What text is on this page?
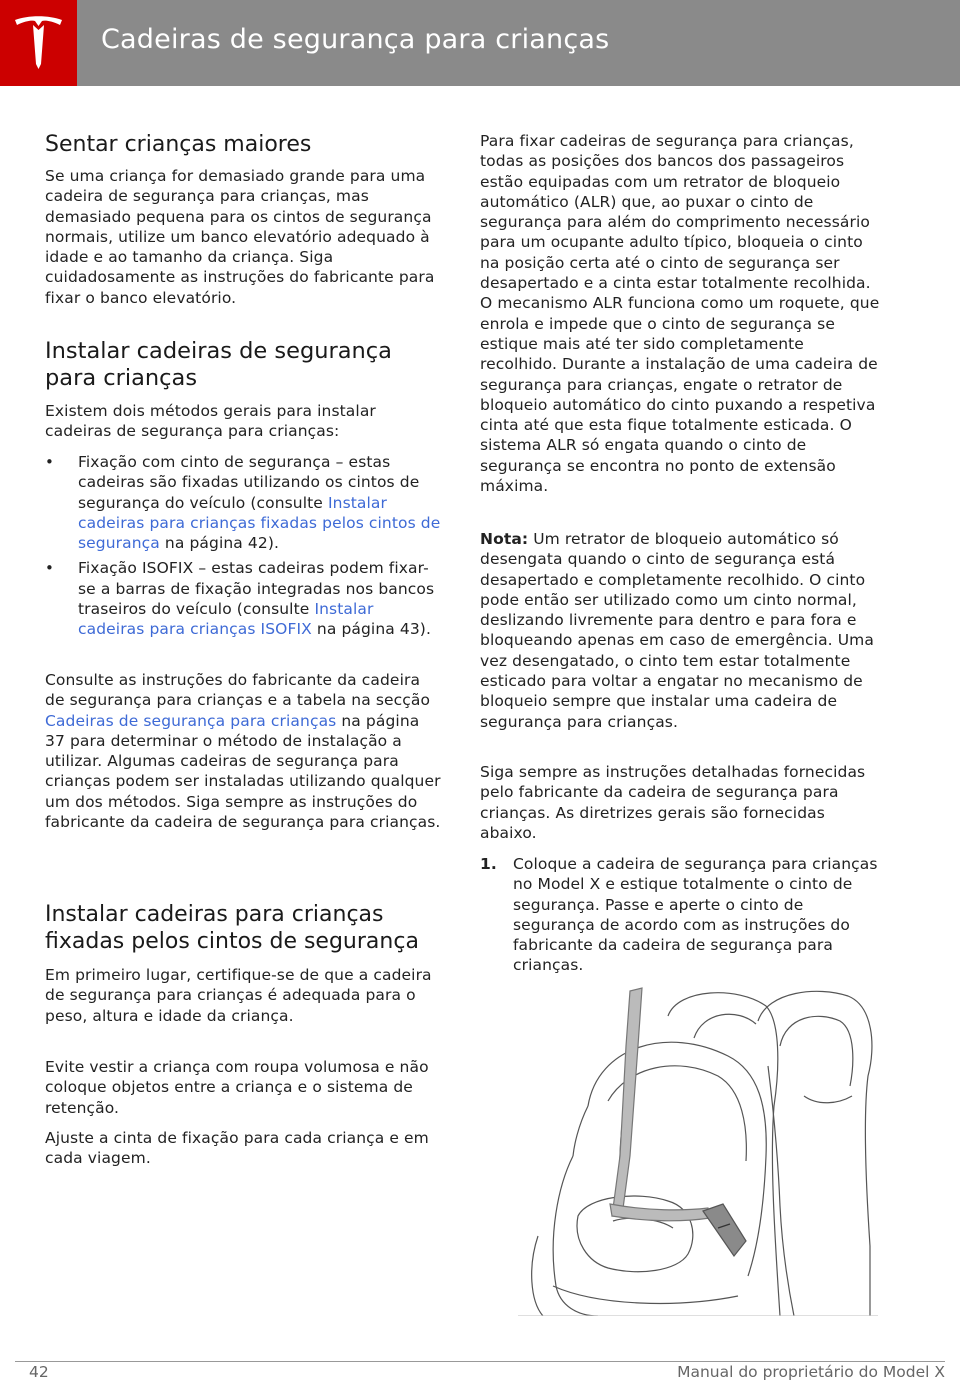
Cadeiras de segurança para crianças
Sentar crianças maiores

Se uma criança for demasiado grande para uma cadeira de segurança para crianças, mas demasiado pequena para os cintos de segurança normais, utilize um banco elevatório adequado à idade e ao tamanho da criança. Siga cuidadosamente as instruções do fabricante para fixar o banco elevatório.

Instalar cadeiras de segurança para crianças

Existem dois métodos gerais para instalar cadeiras de segurança para crianças:

•	Fixação com cinto de segurança – estas cadeiras são fixadas utilizando os cintos de segurança do veículo (consulte Instalar cadeiras para crianças fixadas pelos cintos de segurança na página 42).
•	Fixação ISOFIX – estas cadeiras podem fixar-se a barras de fixação integradas nos bancos traseiros do veículo (consulte Instalar cadeiras para crianças ISOFIX na página 43).

Consulte as instruções do fabricante da cadeira de segurança para crianças e a tabela na secção Cadeiras de segurança para crianças na página 37 para determinar o método de instalação a utilizar. Algumas cadeiras de segurança para crianças podem ser instaladas utilizando qualquer um dos métodos. Siga sempre as instruções do fabricante da cadeira de segurança para crianças.

Instalar cadeiras para crianças fixadas pelos cintos de segurança

Em primeiro lugar, certifique-se de que a cadeira de segurança para crianças é adequada para o peso, altura e idade da criança.

Evite vestir a criança com roupa volumosa e não coloque objetos entre a criança e o sistema de retenção.

Ajuste a cinta de fixação para cada criança e em cada viagem.

Para fixar cadeiras de segurança para crianças, todas as posições dos bancos dos passageiros estão equipadas com um retrator de bloqueio automático (ALR) que, ao puxar o cinto de segurança para além do comprimento necessário para um ocupante adulto típico, bloqueia o cinto na posição certa até o cinto de segurança ser desapertado e a cinta estar totalmente recolhida. O mecanismo ALR funciona como um roquete, que enrola e impede que o cinto de segurança se estique mais até ter sido completamente recolhido. Durante a instalação de uma cadeira de segurança para crianças, engate o retrator de bloqueio automático do cinto puxando a respetiva cinta até que esta fique totalmente esticada. O sistema ALR só engata quando o cinto de segurança se encontra no ponto de extensão máxima.

Nota: Um retrator de bloqueio automático só desengata quando o cinto de segurança está desapertado e completamente recolhido. O cinto pode então ser utilizado como um cinto normal, deslizando livremente para dentro e para fora e bloqueando apenas em caso de emergência. Uma vez desengatado, o cinto tem estar totalmente esticado para voltar a engatar no mecanismo de bloqueio sempre que instalar uma cadeira de segurança para crianças.

Siga sempre as instruções detalhadas fornecidas pelo fabricante da cadeira de segurança para crianças. As diretrizes gerais são fornecidas abaixo.

1. Coloque a cadeira de segurança para crianças no Model X e estique totalmente o cinto de segurança. Passe e aperte o cinto de segurança de acordo com as instruções do fabricante da cadeira de segurança para crianças.
42	Manual do proprietário do Model X
